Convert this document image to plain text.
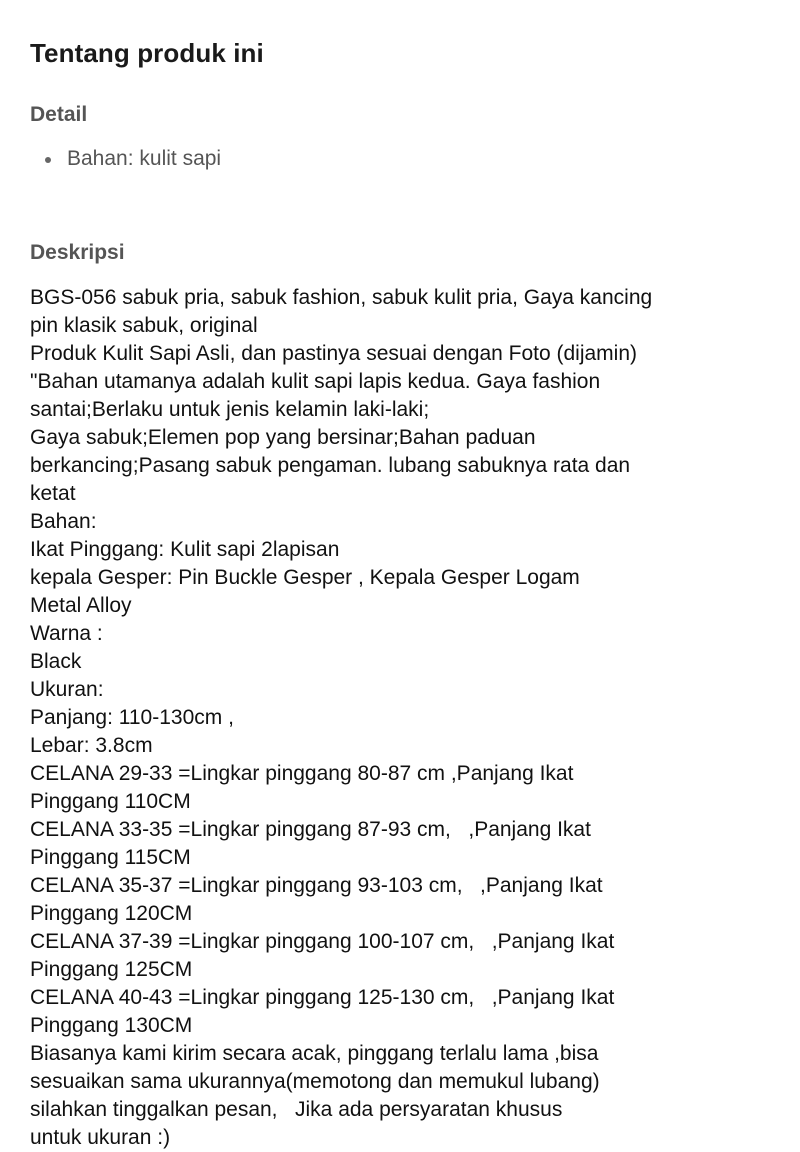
Tentang produk ini
Detail
Bahan: kulit sapi
Deskripsi
BGS-056 sabuk pria, sabuk fashion, sabuk kulit pria, Gaya kancing
pin klasik sabuk, original
Produk Kulit Sapi Asli, dan pastinya sesuai dengan Foto (dijamin)
"Bahan utamanya adalah kulit sapi lapis kedua. Gaya fashion
santai;Berlaku untuk jenis kelamin laki-laki;
Gaya sabuk;Elemen pop yang bersinar;Bahan paduan
berkancing;Pasang sabuk pengaman. lubang sabuknya rata dan
ketat
Bahan:
Ikat Pinggang: Kulit sapi 2lapisan
kepala Gesper: Pin Buckle Gesper , Kepala Gesper Logam
Metal Alloy
Warna :
Black
Ukuran:
Panjang: 110-130cm ,
Lebar: 3.8cm
CELANA 29-33 =Lingkar pinggang 80-87 cm ,Panjang Ikat
Pinggang 110CM
CELANA 33-35 =Lingkar pinggang 87-93 cm,   ,Panjang Ikat
Pinggang 115CM
CELANA 35-37 =Lingkar pinggang 93-103 cm,   ,Panjang Ikat
Pinggang 120CM
CELANA 37-39 =Lingkar pinggang 100-107 cm,   ,Panjang Ikat
Pinggang 125CM
CELANA 40-43 =Lingkar pinggang 125-130 cm,   ,Panjang Ikat
Pinggang 130CM
Biasanya kami kirim secara acak, pinggang terlalu lama ,bisa
sesuaikan sama ukurannya(memotong dan memukul lubang)
silahkan tinggalkan pesan,   Jika ada persyaratan khusus
untuk ukuran :)
